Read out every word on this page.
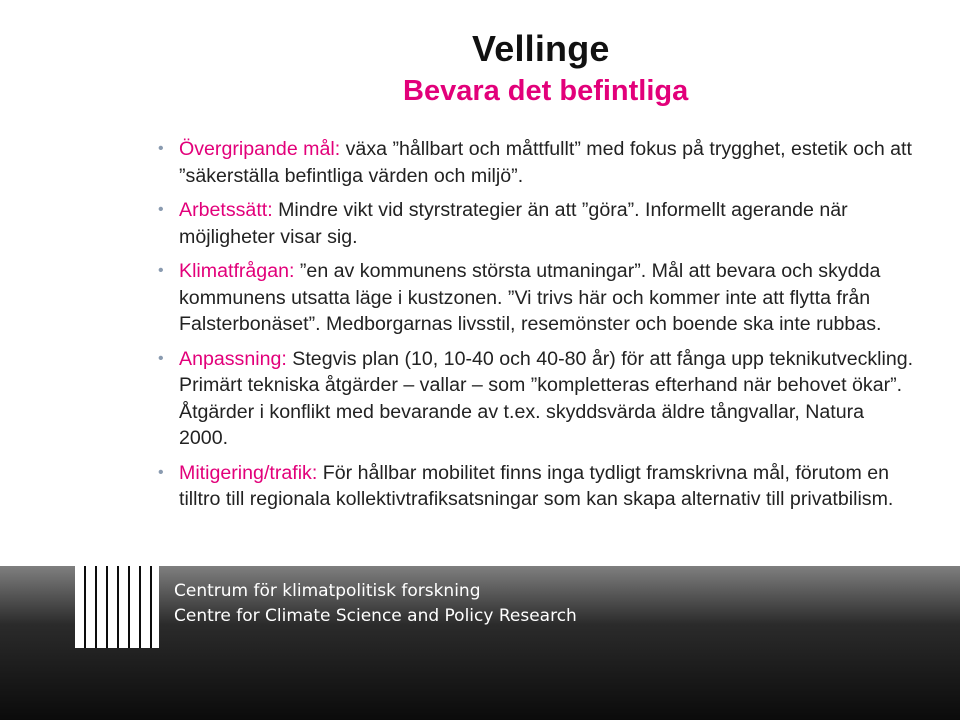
Vellinge
Bevara det befintliga
• Övergripande mål: växa ”hållbart och måttfullt” med fokus på trygghet, estetik och att ”säkerställa befintliga värden och miljö”.
• Arbetssätt: Mindre vikt vid styrstrategier än att ”göra”. Informellt agerande när möjligheter visar sig.
• Klimatfrågan: ”en av kommunens största utmaningar”. Mål att bevara och skydda kommunens utsatta läge i kustzonen. ”Vi trivs här och kommer inte att flytta från Falsterbonäset”. Medborgarnas livsstil, resemönster och boende ska inte rubbas.
• Anpassning: Stegvis plan (10, 10-40 och 40-80 år) för att fånga upp teknikutveckling. Primärt tekniska åtgärder – vallar – som ”kompletteras efterhand när behovet ökar”. Åtgärder i konflikt med bevarande av t.ex. skyddsvärda äldre tångvallar, Natura 2000.
• Mitigering/trafik: För hållbar mobilitet finns inga tydligt framskrivna mål, förutom en tilltro till regionala kollektivtrafiksatsningar som kan skapa alternativ till privatbilism.
Centrum för klimatpolitisk forskning
Centre for Climate Science and Policy Research
